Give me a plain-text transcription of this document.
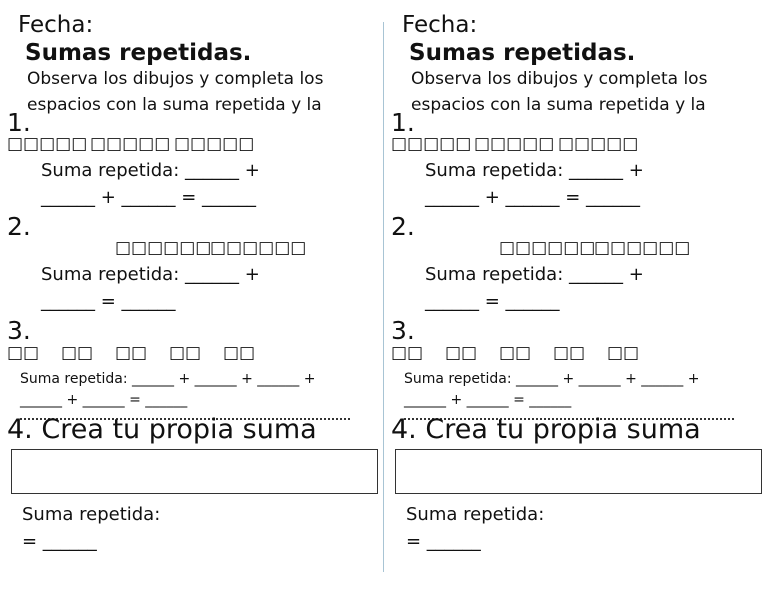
Fecha:
Sumas repetidas.
Observa los dibujos y completa los espacios con la suma repetida y la
1.
□□□□□ □□□□□ □□□□□
Suma repetida: ______ +
______ + ______ = ______
2.
□□□□□□
□□□□□□
Suma repetida: ______ +
______ = ______
3.
□□ □□ □□ □□ □□
Suma repetida: ______ + ______ + ______ +
______ + ______ = ______
4. Crea tu propia suma
Suma repetida:
= ______
Fecha:
Sumas repetidas.
Observa los dibujos y completa los espacios con la suma repetida y la
1.
□□□□□ □□□□□ □□□□□
Suma repetida: ______ +
______ + ______ = ______
2.
□□□□□□
□□□□□□
Suma repetida: ______ +
______ = ______
3.
□□ □□ □□ □□ □□
Suma repetida: ______ + ______ + ______ +
______ + ______ = ______
4. Crea tu propia suma
Suma repetida:
= ______
